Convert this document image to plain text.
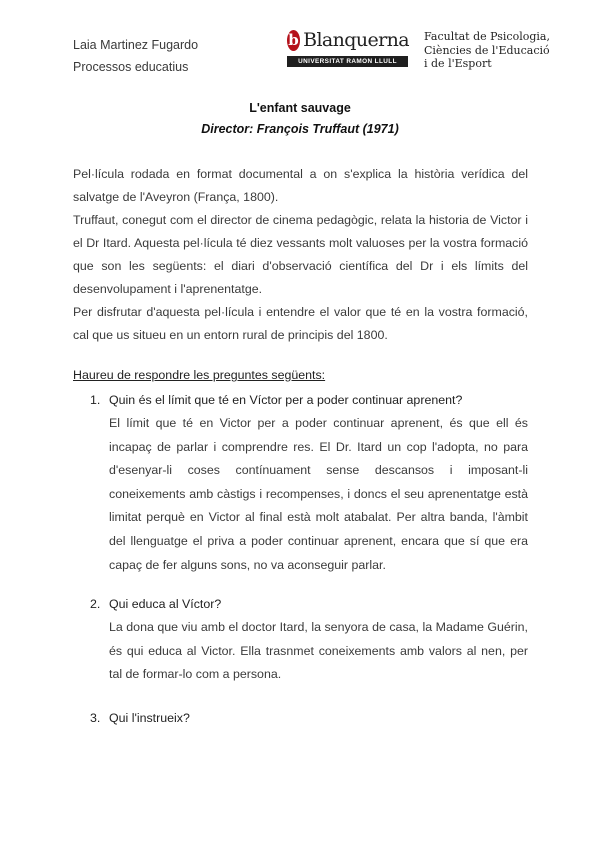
Laia Martinez Fugardo
Processos educatius
b Blanquerna
UNIVERSITAT RAMON LLULL
Facultat de Psicologia,
Ciències de l'Educació
i de l'Esport
L'enfant sauvage
Director: François Truffaut (1971)

Pel·lícula rodada en format documental a on s'explica la història verídica del salvatge de l'Aveyron (França, 1800).

Truffaut, conegut com el director de cinema pedagògic, relata la historia de Victor i el Dr Itard. Aquesta pel·lícula té diez vessants molt valuoses per la vostra formació que son les següents: el diari d'observació científica del Dr i els límits del desenvolupament i l'aprenentatge.

Per disfrutar d'aquesta pel·lícula i entendre el valor que té en la vostra formació, cal que us situeu en un entorn rural de principis del 1800.

Haureu de respondre les preguntes següents:
1. Quin és el límit que té en Víctor per a poder continuar aprenent?
El límit que té en Victor per a poder continuar aprenent, és que ell és incapaç de parlar i comprendre res. El Dr. Itard un cop l'adopta, no para d'esenyar-li coses contínuament sense descansos i imposant-li coneixements amb càstigs i recompenses, i doncs el seu aprenentatge està limitat perquè en Victor al final està molt atabalat. Per altra banda, l'àmbit del llenguatge el priva a poder continuar aprenent, encara que sí que era capaç de fer alguns sons, no va aconseguir parlar.
2. Qui educa al Víctor?
La dona que viu amb el doctor Itard, la senyora de casa, la Madame Guérin, és qui educa al Victor. Ella trasnmet coneixements amb valors al nen, per tal de formar-lo com a persona.
3. Qui l'instrueix?
